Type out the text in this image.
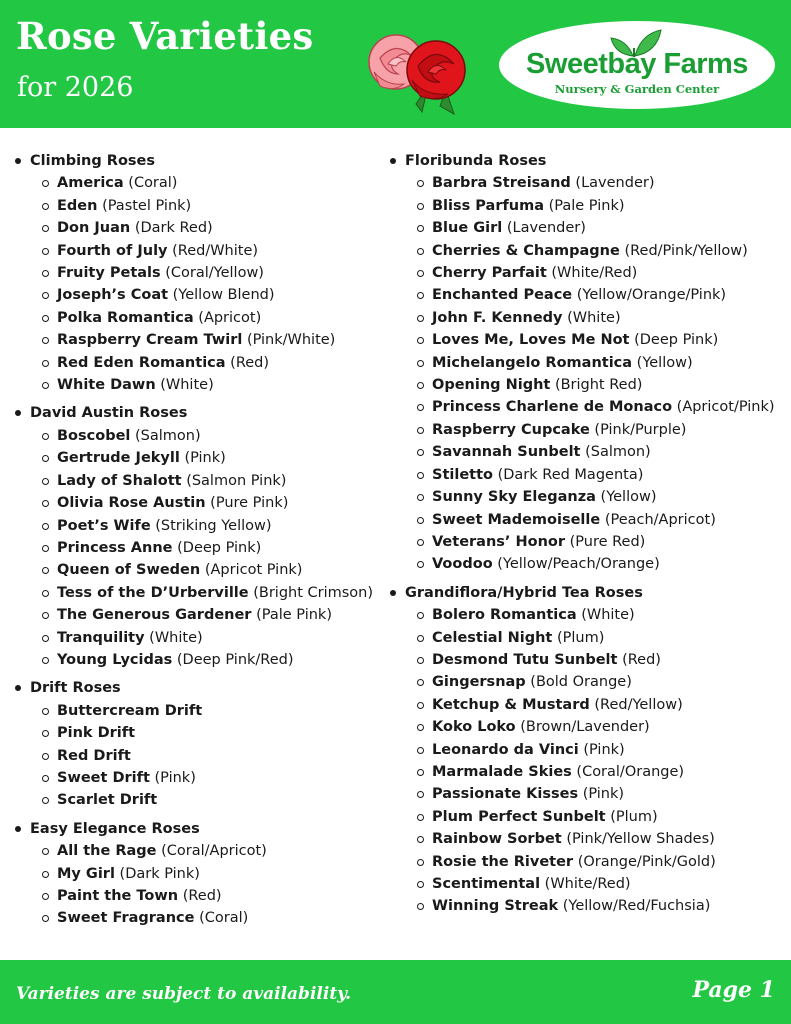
Rose Varieties
for 2026
Sweetbay Farms
Nursery & Garden Center
Climbing Roses
America (Coral)
Eden (Pastel Pink)
Don Juan (Dark Red)
Fourth of July (Red/White)
Fruity Petals (Coral/Yellow)
Joseph’s Coat (Yellow Blend)
Polka Romantica (Apricot)
Raspberry Cream Twirl (Pink/White)
Red Eden Romantica (Red)
White Dawn (White)
David Austin Roses
Boscobel (Salmon)
Gertrude Jekyll (Pink)
Lady of Shalott (Salmon Pink)
Olivia Rose Austin (Pure Pink)
Poet’s Wife (Striking Yellow)
Princess Anne (Deep Pink)
Queen of Sweden (Apricot Pink)
Tess of the D’Urberville (Bright Crimson)
The Generous Gardener (Pale Pink)
Tranquility (White)
Young Lycidas (Deep Pink/Red)
Drift Roses
Buttercream Drift
Pink Drift
Red Drift
Sweet Drift (Pink)
Scarlet Drift
Easy Elegance Roses
All the Rage (Coral/Apricot)
My Girl (Dark Pink)
Paint the Town (Red)
Sweet Fragrance (Coral)
Floribunda Roses
Barbra Streisand (Lavender)
Bliss Parfuma (Pale Pink)
Blue Girl (Lavender)
Cherries & Champagne (Red/Pink/Yellow)
Cherry Parfait (White/Red)
Enchanted Peace (Yellow/Orange/Pink)
John F. Kennedy (White)
Loves Me, Loves Me Not (Deep Pink)
Michelangelo Romantica (Yellow)
Opening Night (Bright Red)
Princess Charlene de Monaco (Apricot/Pink)
Raspberry Cupcake (Pink/Purple)
Savannah Sunbelt (Salmon)
Stiletto (Dark Red Magenta)
Sunny Sky Eleganza (Yellow)
Sweet Mademoiselle (Peach/Apricot)
Veterans’ Honor (Pure Red)
Voodoo (Yellow/Peach/Orange)
Grandiflora/Hybrid Tea Roses
Bolero Romantica (White)
Celestial Night (Plum)
Desmond Tutu Sunbelt (Red)
Gingersnap (Bold Orange)
Ketchup & Mustard (Red/Yellow)
Koko Loko (Brown/Lavender)
Leonardo da Vinci (Pink)
Marmalade Skies (Coral/Orange)
Passionate Kisses (Pink)
Plum Perfect Sunbelt (Plum)
Rainbow Sorbet (Pink/Yellow Shades)
Rosie the Riveter (Orange/Pink/Gold)
Scentimental (White/Red)
Winning Streak (Yellow/Red/Fuchsia)
Varieties are subject to availability.	Page 1
